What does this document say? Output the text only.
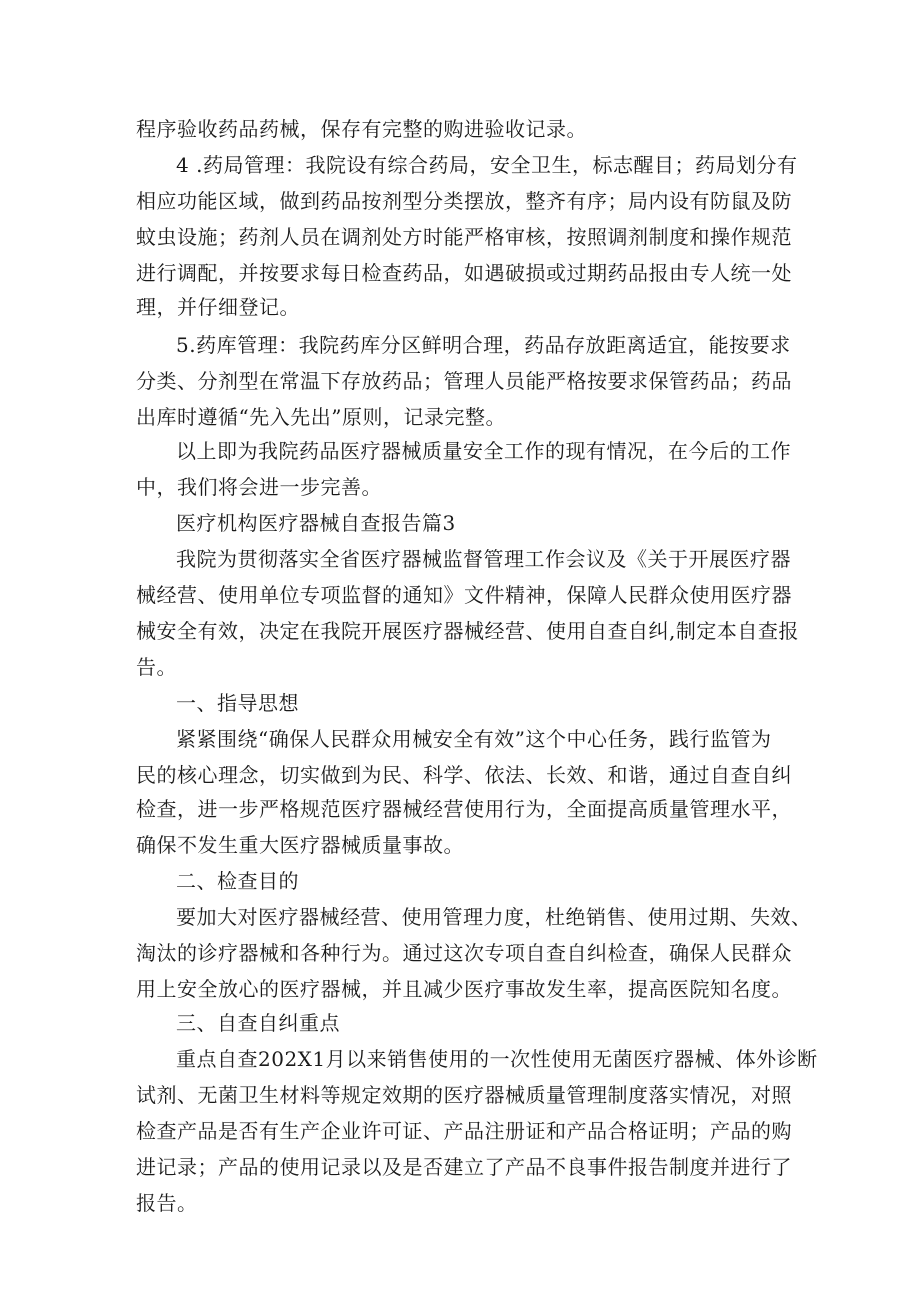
程序验收药品药械，保存有完整的购进验收记录。
4 .药局管理：我院设有综合药局，安全卫生，标志醒目；药局划分有
相应功能区域，做到药品按剂型分类摆放，整齐有序；局内设有防鼠及防
蚊虫设施；药剂人员在调剂处方时能严格审核，按照调剂制度和操作规范
进行调配，并按要求每日检查药品，如遇破损或过期药品报由专人统一处
理，并仔细登记。
5.药库管理：我院药库分区鲜明合理，药品存放距离适宜，能按要求
分类、分剂型在常温下存放药品；管理人员能严格按要求保管药品；药品
出库时遵循“先入先出”原则，记录完整。
以上即为我院药品医疗器械质量安全工作的现有情况，在今后的工作
中，我们将会进一步完善。
医疗机构医疗器械自查报告篇3
我院为贯彻落实全省医疗器械监督管理工作会议及《关于开展医疗器
械经营、使用单位专项监督的通知》文件精神，保障人民群众使用医疗器
械安全有效，决定在我院开展医疗器械经营、使用自查自纠,制定本自查报
告。
一、指导思想
紧紧围绕“确保人民群众用械安全有效”这个中心任务，践行监管为
民的核心理念，切实做到为民、科学、依法、长效、和谐，通过自查自纠
检查，进一步严格规范医疗器械经营使用行为，全面提高质量管理水平，
确保不发生重大医疗器械质量事故。
二、检查目的
要加大对医疗器械经营、使用管理力度，杜绝销售、使用过期、失效、
淘汰的诊疗器械和各种行为。通过这次专项自查自纠检查，确保人民群众
用上安全放心的医疗器械，并且减少医疗事故发生率，提高医院知名度。
三、自查自纠重点
重点自查202X1月以来销售使用的一次性使用无菌医疗器械、体外诊断
试剂、无菌卫生材料等规定效期的医疗器械质量管理制度落实情况，对照
检查产品是否有生产企业许可证、产品注册证和产品合格证明；产品的购
进记录；产品的使用记录以及是否建立了产品不良事件报告制度并进行了
报告。
